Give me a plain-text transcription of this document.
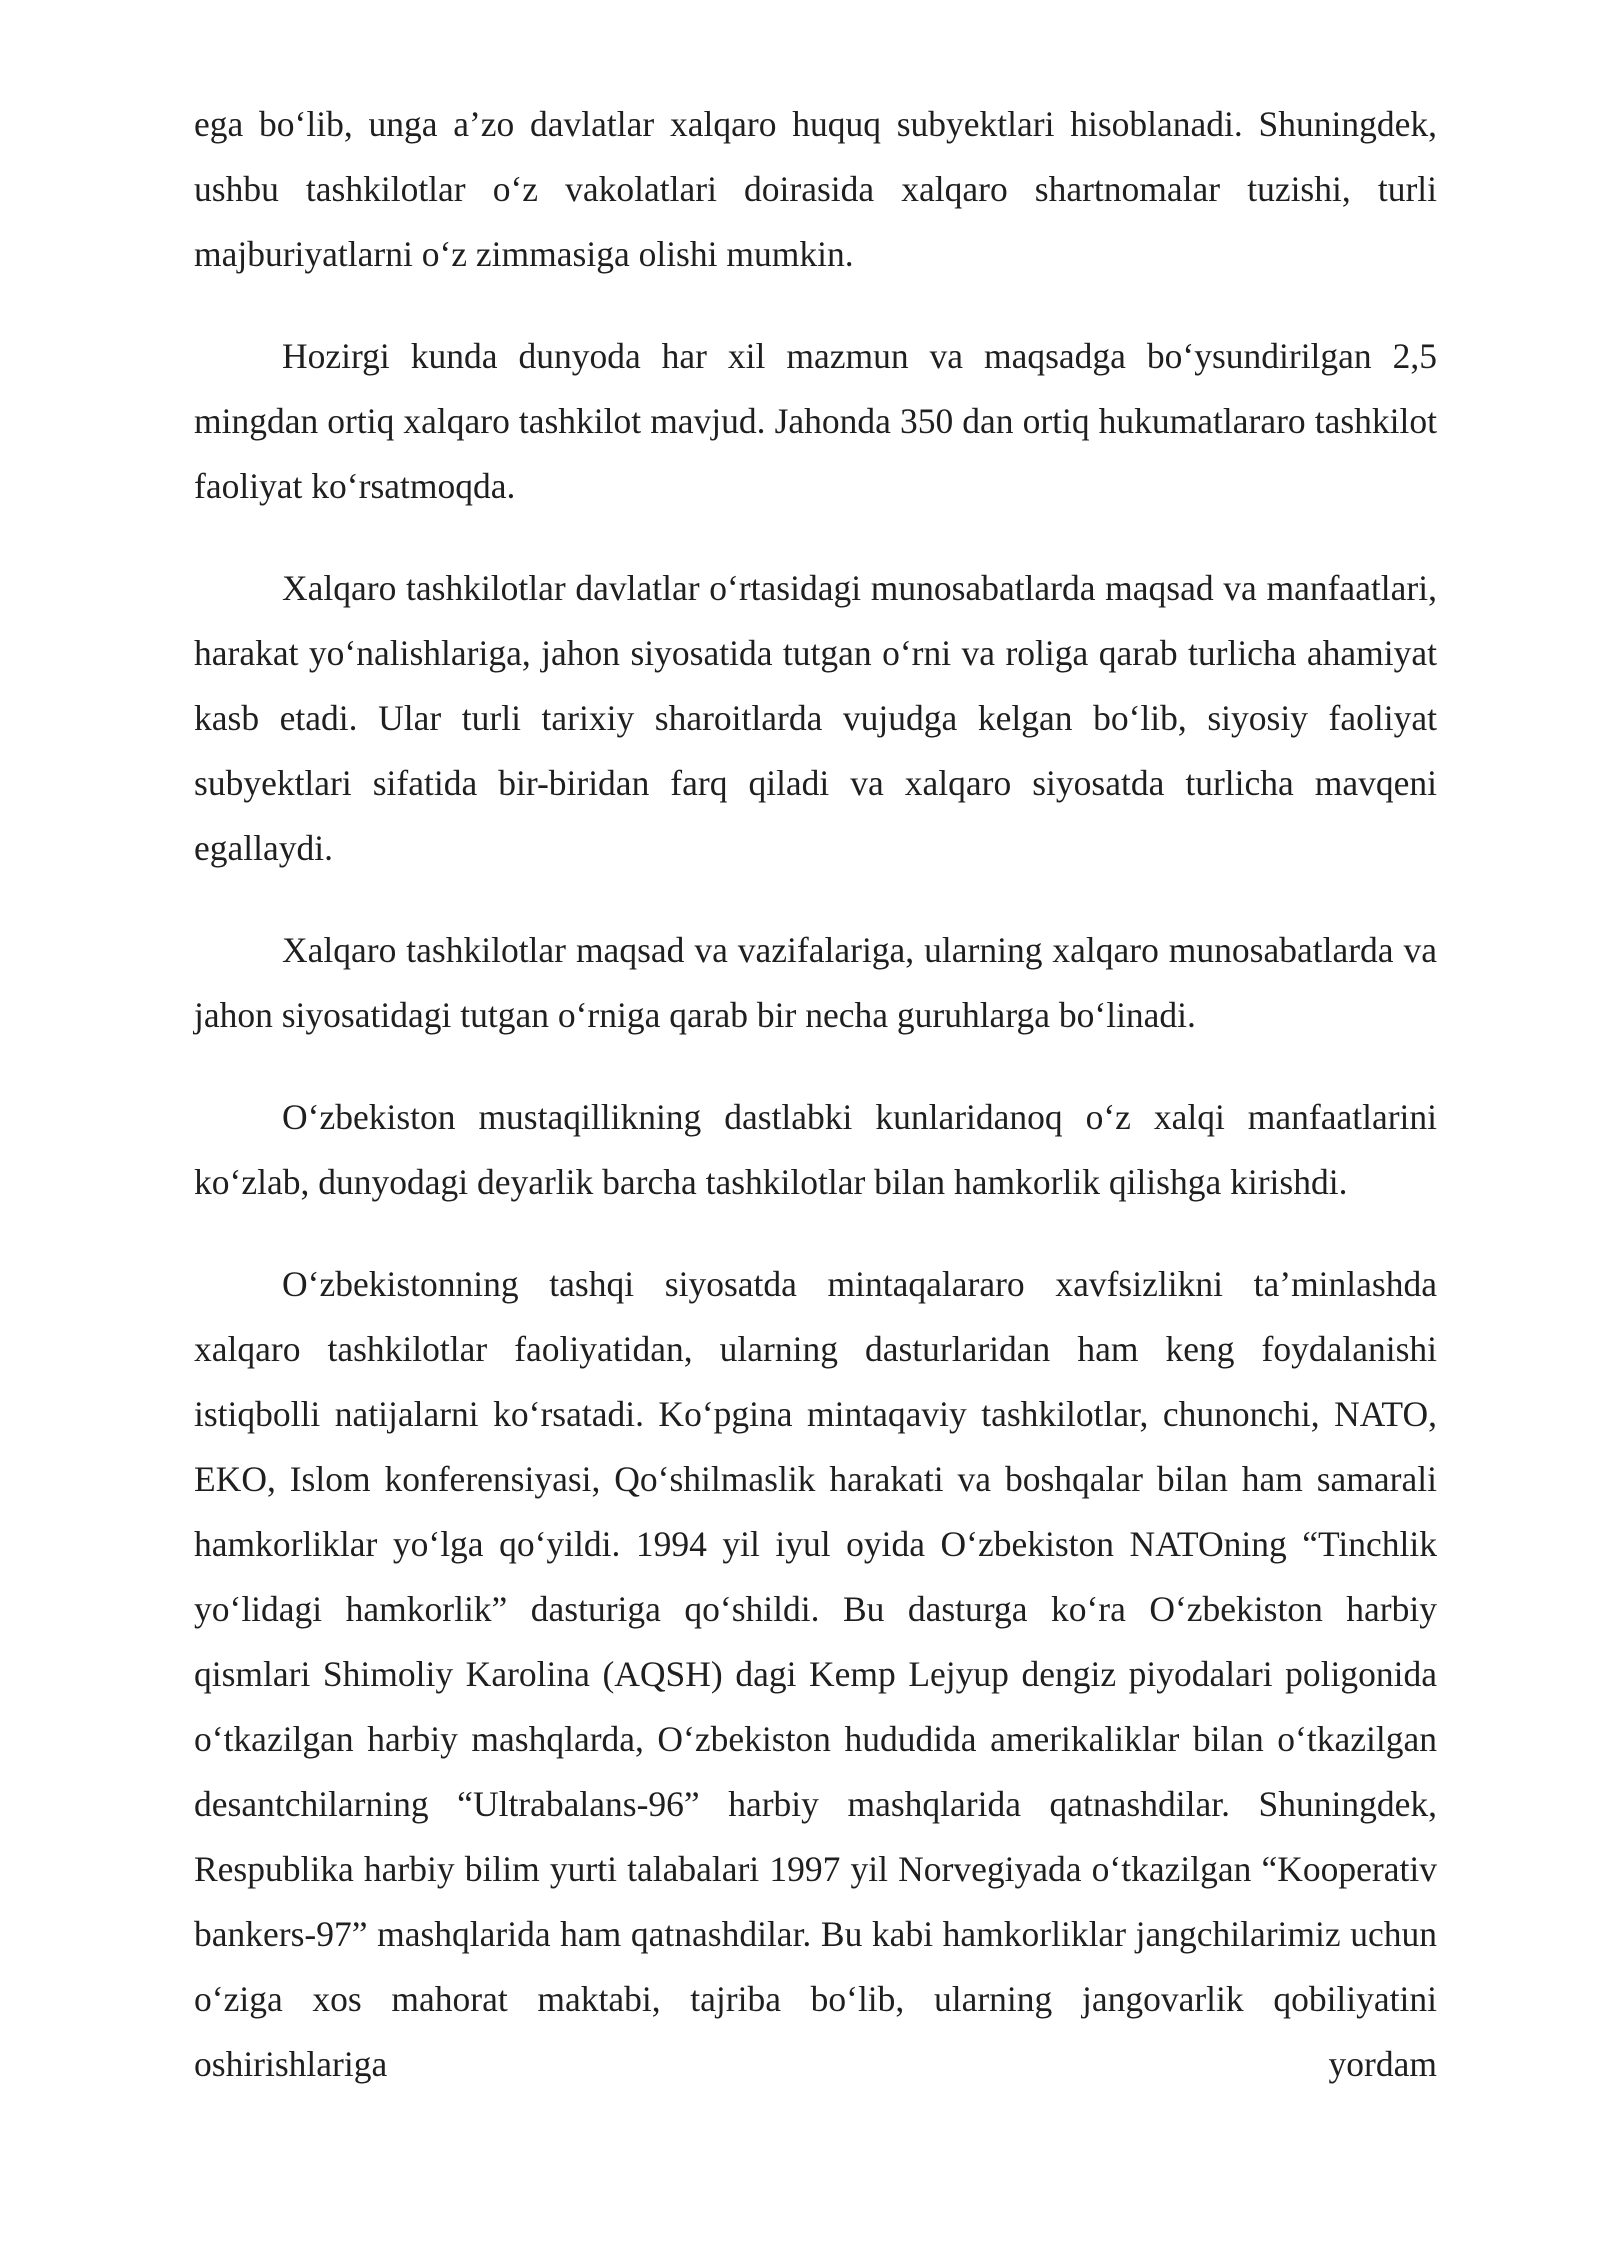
ega bo‘lib, unga a’zo davlatlar xalqaro huquq subyektlari hisoblanadi. Shuningdek, ushbu tashkilotlar o‘z vakolatlari doirasida xalqaro shartnomalar tuzishi, turli majburiyatlarni o‘z zimmasiga olishi mumkin.

Hozirgi kunda dunyoda har xil mazmun va maqsadga bo‘ysundirilgan 2,5 mingdan ortiq xalqaro tashkilot mavjud. Jahonda 350 dan ortiq hukumatlararo tashkilot faoliyat ko‘rsatmoqda.

Xalqaro tashkilotlar davlatlar o‘rtasidagi munosabatlarda maqsad va manfaatlari, harakat yo‘nalishlariga, jahon siyosatida tutgan o‘rni va roliga qarab turlicha ahamiyat kasb etadi. Ular turli tarixiy sharoitlarda vujudga kelgan bo‘lib, siyosiy faoliyat subyektlari sifatida bir-biridan farq qiladi va xalqaro siyosatda turlicha mavqeni egallaydi.

Xalqaro tashkilotlar maqsad va vazifalariga, ularning xalqaro munosabatlarda va jahon siyosatidagi tutgan o‘rniga qarab bir necha guruhlarga bo‘linadi.

O‘zbekiston mustaqillikning dastlabki kunlaridanoq o‘z xalqi manfaatlarini ko‘zlab, dunyodagi deyarlik barcha tashkilotlar bilan hamkorlik qilishga kirishdi.

O‘zbekistonning tashqi siyosatda mintaqalararo xavfsizlikni ta’minlashda xalqaro tashkilotlar faoliyatidan, ularning dasturlaridan ham keng foydalanishi istiqbolli natijalarni ko‘rsatadi. Ko‘pgina mintaqaviy tashkilotlar, chunonchi, NATO, EKO, Islom konferensiyasi, Qo‘shilmaslik harakati va boshqalar bilan ham samarali hamkorliklar yo‘lga qo‘yildi. 1994 yil iyul oyida O‘zbekiston NATOning “Tinchlik yo‘lidagi hamkorlik” dasturiga qo‘shildi. Bu dasturga ko‘ra O‘zbekiston harbiy qismlari Shimoliy Karolina (AQSH) dagi Kemp Lejyup dengiz piyodalari poligonida o‘tkazilgan harbiy mashqlarda, O‘zbekiston hududida amerikaliklar bilan o‘tkazilgan desantchilarning “Ultrabalans-96” harbiy mashqlarida qatnashdilar. Shuningdek, Respublika harbiy bilim yurti talabalari 1997 yil Norvegiyada o‘tkazilgan “Kooperativ bankers-97” mashqlarida ham qatnashdilar. Bu kabi hamkorliklar jangchilarimiz uchun o‘ziga xos mahorat maktabi, tajriba bo‘lib, ularning jangovarlik qobiliyatini oshirishlariga yordam
